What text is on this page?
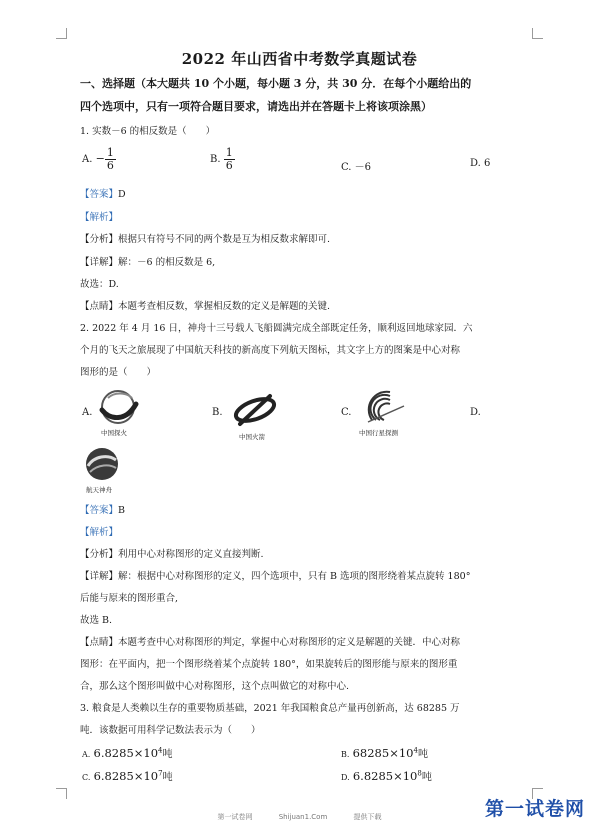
2022 年山西省中考数学真题试卷
一、选择题（本大题共 10 个小题，每小题 3 分，共 30 分．在每个小题给出的
四个选项中，只有一项符合题目要求，请选出并在答题卡上将该项涂黑）
1. 实数－6 的相反数是（　　）
A. − $\frac{1}{6}$	B. $\frac{1}{6}$	C. －6	D. 6
【答案】D
【解析】
【分析】根据只有符号不同的两个数是互为相反数求解即可.
【详解】解：－6 的相反数是 6,
故选：D.
【点睛】本题考查相反数，掌握相反数的定义是解题的关键.
2. 2022 年 4 月 16 日，神舟十三号载人飞船圆满完成全部既定任务，顺利返回地球家园．六
个月的飞天之旅展现了中国航天科技的新高度下列航天图标，其文字上方的图案是中心对称
图形的是（　　）
A.
中国探火
B.
中国火箭
C.
中国行星探测
D.
航天神舟
【答案】B
【解析】
【分析】利用中心对称图形的定义直接判断.
【详解】解：根据中心对称图形的定义，四个选项中，只有 B 选项的图形绕着某点旋转 180°
后能与原来的图形重合,
故选 B.
【点睛】本题考查中心对称图形的判定，掌握中心对称图形的定义是解题的关键．中心对称
图形：在平面内，把一个图形绕着某个点旋转 180°，如果旋转后的图形能与原来的图形重
合，那么这个图形叫做中心对称图形，这个点叫做它的对称中心.
3. 粮食是人类赖以生存的重要物质基础，2021 年我国粮食总产量再创新高，达 68285 万
吨．该数据可用科学记数法表示为（　　）
A. $6.8285\times 10^4$吨	B. $68285\times 10^4$吨
C. $6.8285\times 10^7$吨	D. $6.8285\times 10^8$吨
第一试卷网	Shijuan1.Com	提供下载	第一试卷网
